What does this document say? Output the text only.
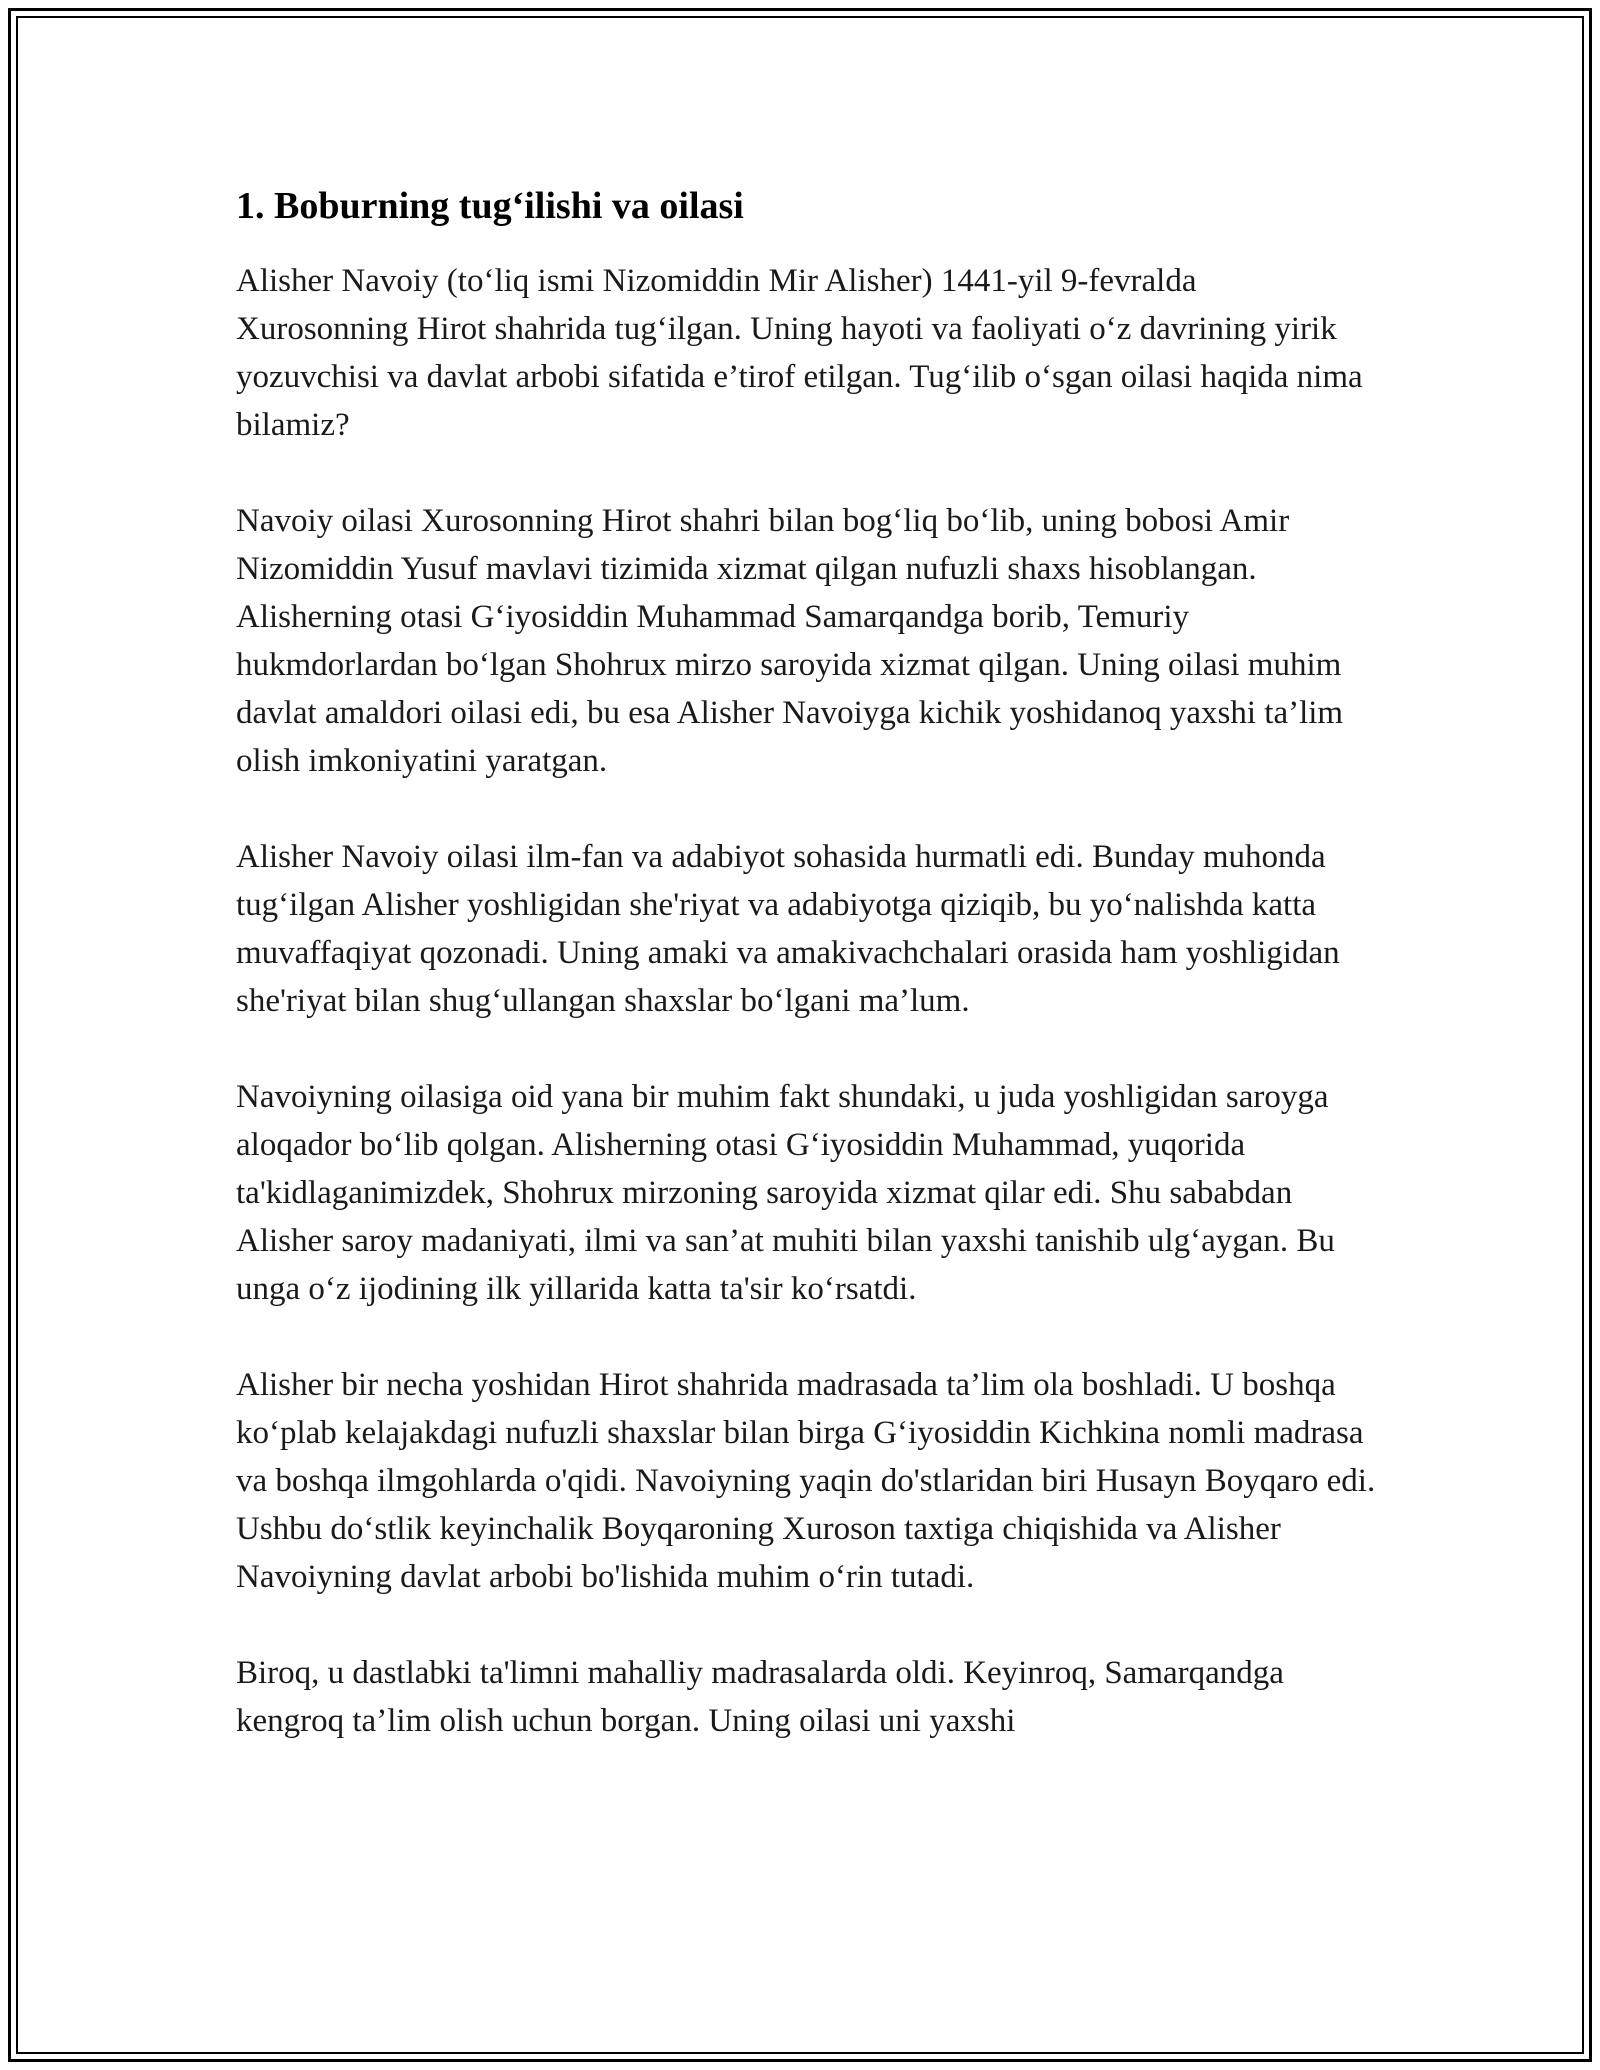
1. Boburning tug‘ilishi va oilasi

Alisher Navoiy (to‘liq ismi Nizomiddin Mir Alisher) 1441-yil 9-fevralda Xurosonning Hirot shahrida tug‘ilgan. Uning hayoti va faoliyati o‘z davrining yirik yozuvchisi va davlat arbobi sifatida e’tirof etilgan. Tug‘ilib o‘sgan oilasi haqida nima bilamiz?

Navoiy oilasi Xurosonning Hirot shahri bilan bog‘liq bo‘lib, uning bobosi Amir Nizomiddin Yusuf mavlavi tizimida xizmat qilgan nufuzli shaxs hisoblangan. Alisherning otasi G‘iyosiddin Muhammad Samarqandga borib, Temuriy hukmdorlardan bo‘lgan Shohrux mirzo saroyida xizmat qilgan. Uning oilasi muhim davlat amaldori oilasi edi, bu esa Alisher Navoiyga kichik yoshidanoq yaxshi ta’lim olish imkoniyatini yaratgan.

Alisher Navoiy oilasi ilm-fan va adabiyot sohasida hurmatli edi. Bunday muhonda tug‘ilgan Alisher yoshligidan she'riyat va adabiyotga qiziqib, bu yo‘nalishda katta muvaffaqiyat qozonadi. Uning amaki va amakivachchalari orasida ham yoshligidan she'riyat bilan shug‘ullangan shaxslar bo‘lgani ma’lum.

Navoiyning oilasiga oid yana bir muhim fakt shundaki, u juda yoshligidan saroyga aloqador bo‘lib qolgan. Alisherning otasi G‘iyosiddin Muhammad, yuqorida ta'kidlaganimizdek, Shohrux mirzoning saroyida xizmat qilar edi. Shu sababdan Alisher saroy madaniyati, ilmi va san’at muhiti bilan yaxshi tanishib ulg‘aygan. Bu unga o‘z ijodining ilk yillarida katta ta'sir ko‘rsatdi.

Alisher bir necha yoshidan Hirot shahrida madrasada ta’lim ola boshladi. U boshqa ko‘plab kelajakdagi nufuzli shaxslar bilan birga G‘iyosiddin Kichkina nomli madrasa va boshqa ilmgohlarda o'qidi. Navoiyning yaqin do'stlaridan biri Husayn Boyqaro edi. Ushbu do‘stlik keyinchalik Boyqaroning Xuroson taxtiga chiqishida va Alisher Navoiyning davlat arbobi bo'lishida muhim o‘rin tutadi.

Biroq, u dastlabki ta'limni mahalliy madrasalarda oldi. Keyinroq, Samarqandga kengroq ta’lim olish uchun borgan. Uning oilasi uni yaxshi
